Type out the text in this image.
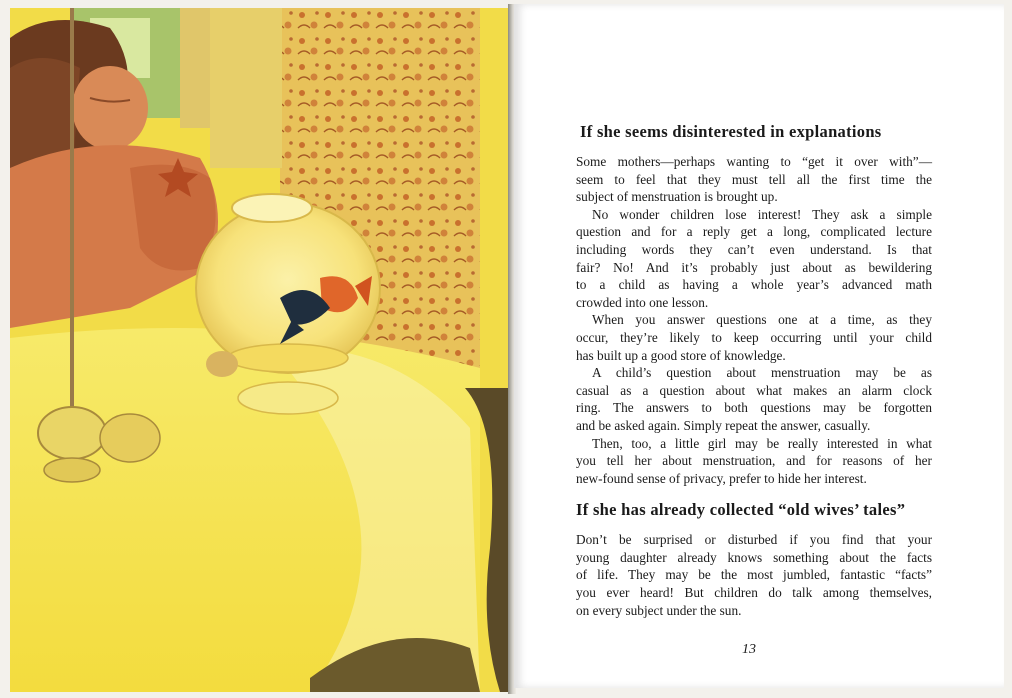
If she seems disinterested in explanations

Some mothers—perhaps wanting to “get it over with”—
seem to feel that they must tell all the first time the
subject of menstruation is brought up.

No wonder children lose interest! They ask a simple
question and for a reply get a long, complicated lecture
including words they can’t even understand. Is that
fair? No! And it’s probably just about as bewildering
to a child as having a whole year’s advanced math
crowded into one lesson.

When you answer questions one at a time, as they
occur, they’re likely to keep occurring until your child
has built up a good store of knowledge.

A child’s question about menstruation may be as
casual as a question about what makes an alarm clock
ring. The answers to both questions may be forgotten
and be asked again. Simply repeat the answer, casually.

Then, too, a little girl may be really interested in what
you tell her about menstruation, and for reasons of her
new-found sense of privacy, prefer to hide her interest.

If she has already collected “old wives’ tales”

Don’t be surprised or disturbed if you find that your
young daughter already knows something about the facts
of life. They may be the most jumbled, fantastic “facts”
you ever heard! But children do talk among themselves,
on every subject under the sun.

13
